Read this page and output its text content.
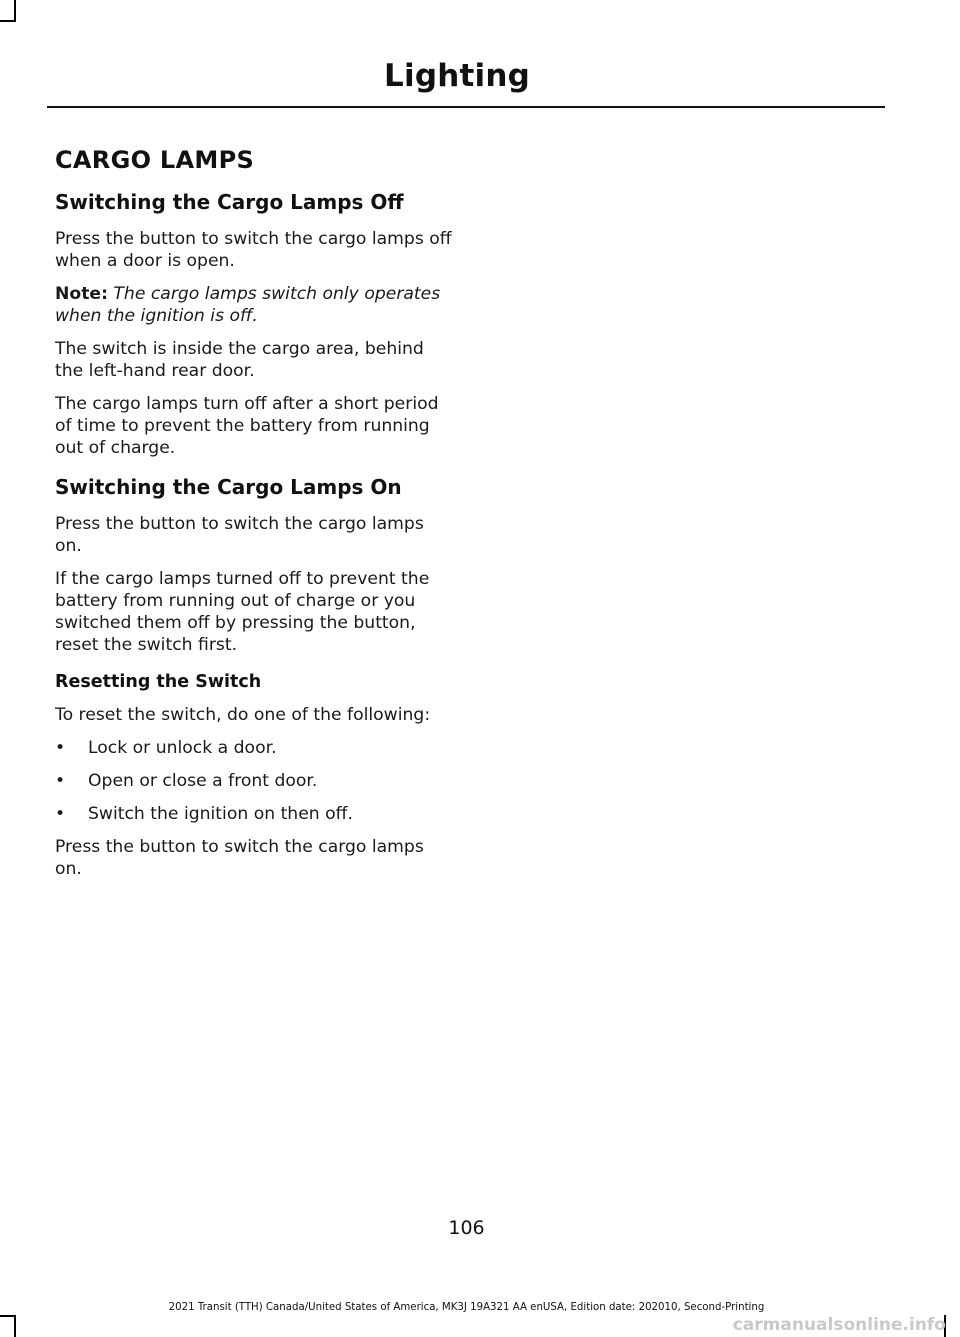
Lighting
CARGO LAMPS
Switching the Cargo Lamps Off

Press the button to switch the cargo lamps off when a door is open.

Note: The cargo lamps switch only operates when the ignition is off.

The switch is inside the cargo area, behind the left-hand rear door.

The cargo lamps turn off after a short period of time to prevent the battery from running out of charge.

Switching the Cargo Lamps On

Press the button to switch the cargo lamps on.

If the cargo lamps turned off to prevent the battery from running out of charge or you switched them off by pressing the button, reset the switch first.

Resetting the Switch

To reset the switch, do one of the following:

• Lock or unlock a door.
• Open or close a front door.
• Switch the ignition on then off.

Press the button to switch the cargo lamps on.

106
2021 Transit (TTH) Canada/United States of America, MK3J 19A321 AA enUSA, Edition date: 202010, Second-Printing
carmanualsonline.info
